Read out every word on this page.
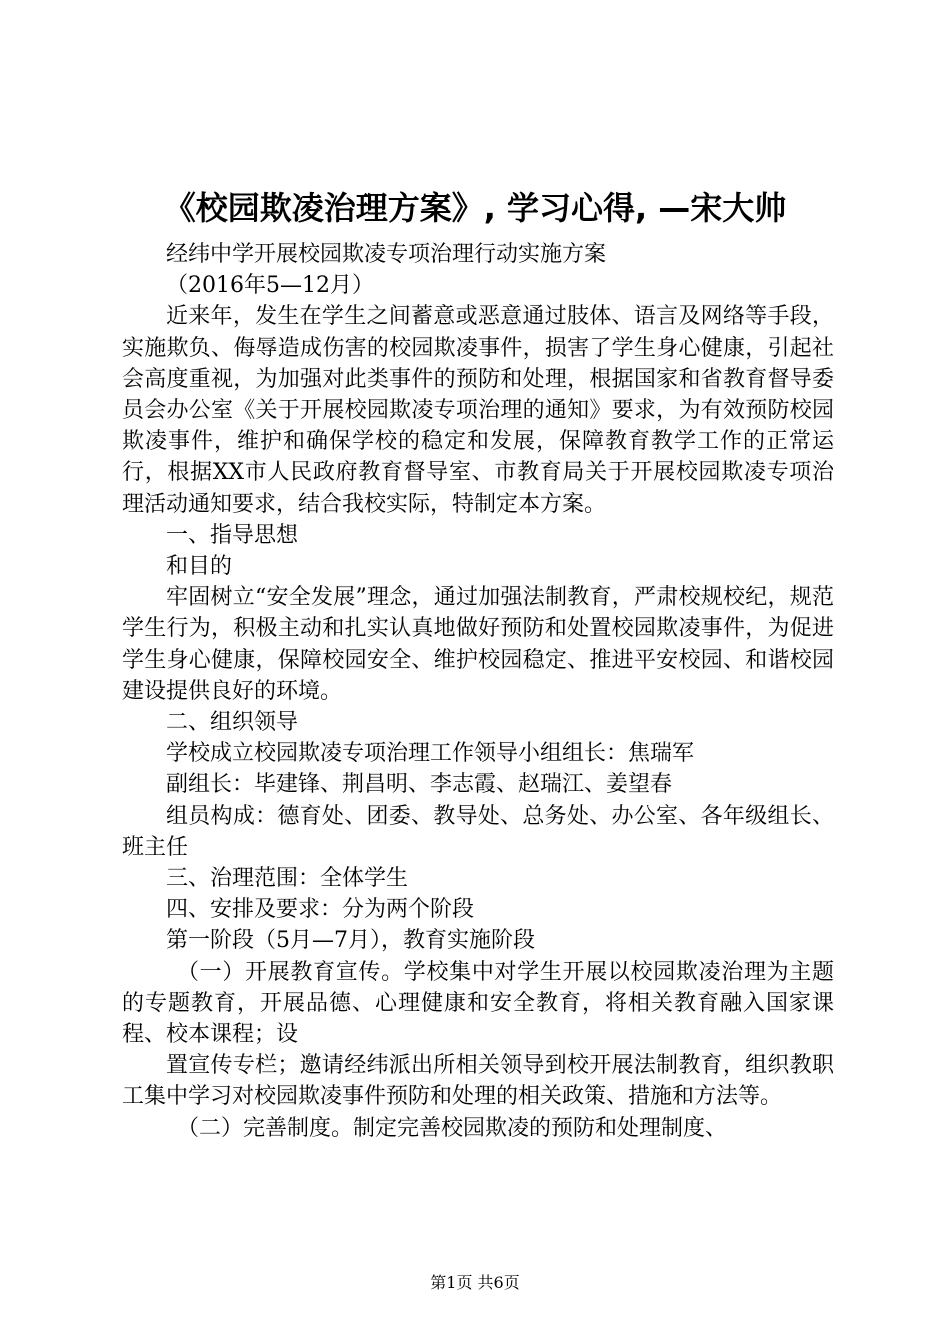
《校园欺凌治理方案》, 学习心得, —宋大帅

经纬中学开展校园欺凌专项治理行动实施方案

（2016年5—12月）

近来年，发生在学生之间蓄意或恶意通过肢体、语言及网络等手段，实施欺负、侮辱造成伤害的校园欺凌事件，损害了学生身心健康，引起社会高度重视，为加强对此类事件的预防和处理，根据国家和省教育督导委员会办公室《关于开展校园欺凌专项治理的通知》要求，为有效预防校园欺凌事件，维护和确保学校的稳定和发展，保障教育教学工作的正常运行，根据XX市人民政府教育督导室、市教育局关于开展校园欺凌专项治理活动通知要求，结合我校实际，特制定本方案。

一、指导思想

和目的

牢固树立“安全发展”理念，通过加强法制教育，严肃校规校纪，规范学生行为，积极主动和扎实认真地做好预防和处置校园欺凌事件，为促进学生身心健康，保障校园安全、维护校园稳定、推进平安校园、和谐校园建设提供良好的环境。

二、组织领导

学校成立校园欺凌专项治理工作领导小组组长：焦瑞军

副组长：毕建锋、荆昌明、李志霞、赵瑞江、姜望春

组员构成：德育处、团委、教导处、总务处、办公室、各年级组长、班主任

三、治理范围：全体学生

四、安排及要求：分为两个阶段

第一阶段（5月—7月），教育实施阶段

（一）开展教育宣传。学校集中对学生开展以校园欺凌治理为主题的专题教育，开展品德、心理健康和安全教育，将相关教育融入国家课程、校本课程；设

置宣传专栏；邀请经纬派出所相关领导到校开展法制教育，组织教职工集中学习对校园欺凌事件预防和处理的相关政策、措施和方法等。

（二）完善制度。制定完善校园欺凌的预防和处理制度、

第1页 共6页
